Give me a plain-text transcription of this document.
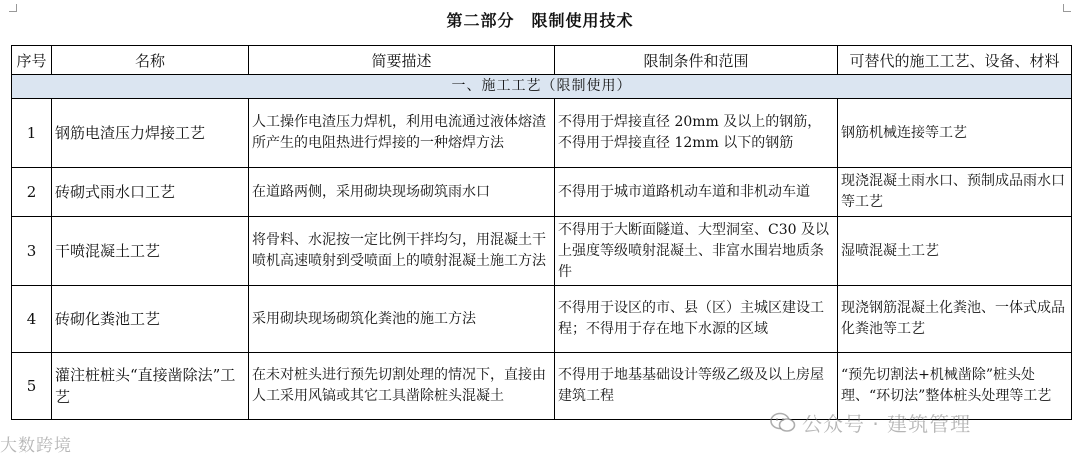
第二部分　限制使用技术
序号	名称	简要描述	限制条件和范围	可替代的施工工艺、设备、材料
一、施工工艺（限制使用）				
1	钢筋电渣压力焊接工艺	人工操作电渣压力焊机，利用电流通过液体熔渣所产生的电阻热进行焊接的一种熔焊方法	不得用于焊接直径 20mm 及以上的钢筋，不得用于焊接直径 12mm 以下的钢筋	钢筋机械连接等工艺
2	砖砌式雨水口工艺	在道路两侧，采用砌块现场砌筑雨水口	不得用于城市道路机动车道和非机动车道	现浇混凝土雨水口、预制成品雨水口等工艺
3	干喷混凝土工艺	将骨料、水泥按一定比例干拌均匀，用混凝土干喷机高速喷射到受喷面上的喷射混凝土施工方法	不得用于大断面隧道、大型洞室、C30 及以上强度等级喷射混凝土、非富水围岩地质条件	湿喷混凝土工艺
4	砖砌化粪池工艺	采用砌块现场砌筑化粪池的施工方法	不得用于设区的市、县（区）主城区建设工程；不得用于存在地下水源的区域	现浇钢筋混凝土化粪池、一体式成品化粪池等工艺
5	灌注桩桩头“直接凿除法”工艺	在未对桩头进行预先切割处理的情况下，直接由人工采用风镐或其它工具凿除桩头混凝土	不得用于地基基础设计等级乙级及以上房屋建筑工程	“预先切割法+机械凿除”桩头处理、“环切法”整体桩头处理等工艺
大数跨境
公众号 · 建筑管理
